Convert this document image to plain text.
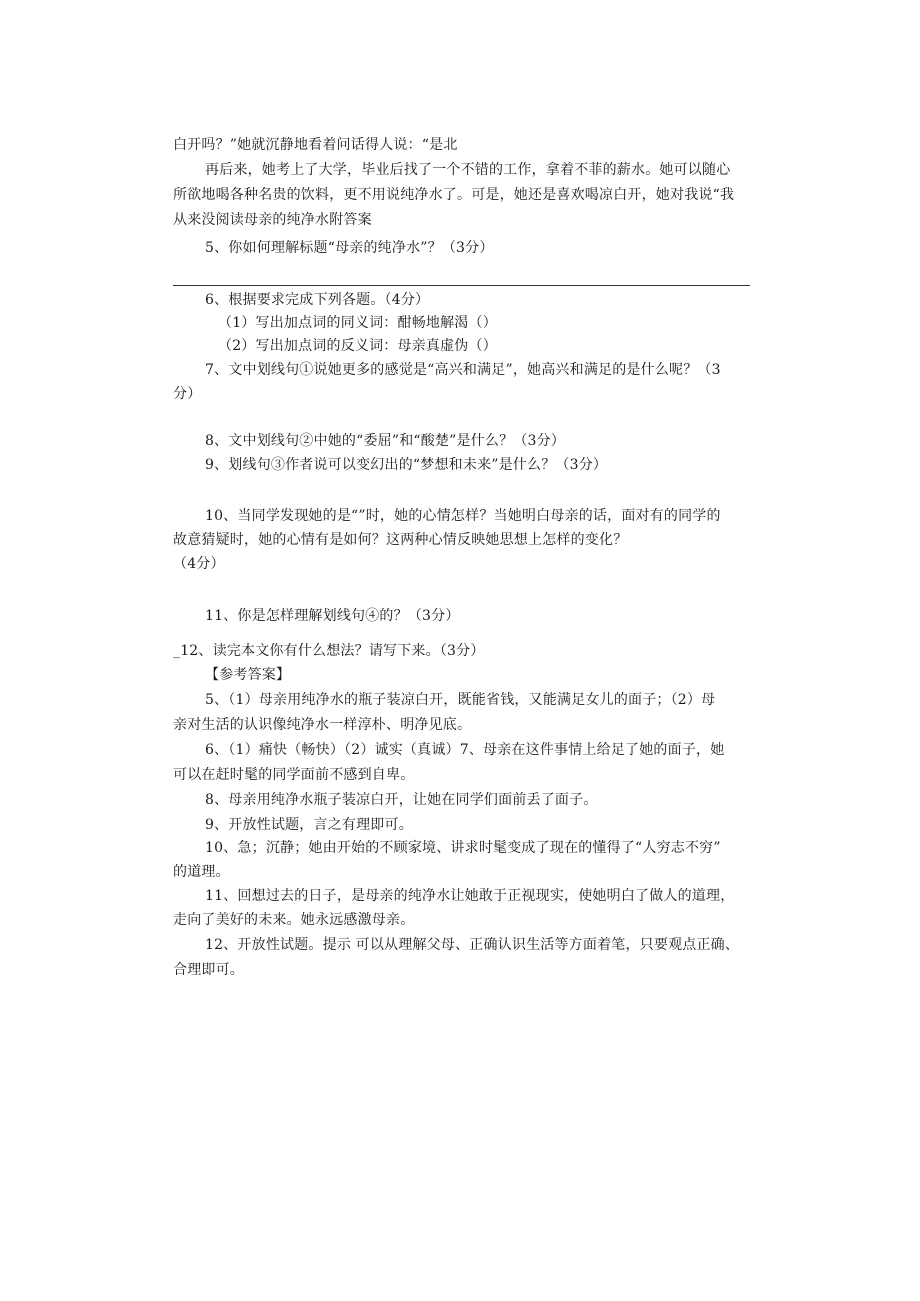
白开吗？”她就沉静地看着问话得人说：“是北
再后来，她考上了大学，毕业后找了一个不错的工作，拿着不菲的薪水。她可以随心
所欲地喝各种名贵的饮料，更不用说纯净水了。可是，她还是喜欢喝凉白开，她对我说“我
从来没阅读母亲的纯净水附答案
5、你如何理解标题“母亲的纯净水”？（3分）
6、根据要求完成下列各题。（4分）
（1）写出加点词的同义词：酣畅地解渴（）
（2）写出加点词的反义词：母亲真虚伪（）
7、文中划线句①说她更多的感觉是“高兴和满足”，她高兴和满足的是什么呢？（3
分）
8、文中划线句②中她的“委屈”和“酸楚”是什么？（3分）
9、划线句③作者说可以变幻出的“梦想和未来”是什么？（3分）
10、当同学发现她的是“”时，她的心情怎样？当她明白母亲的话，面对有的同学的
故意猜疑时，她的心情有是如何？这两种心情反映她思想上怎样的变化？
（4分）
11、你是怎样理解划线句④的？（3分）
_12、读完本文你有什么想法？请写下来。（3分）
【参考答案】
5、（1）母亲用纯净水的瓶子装凉白开，既能省钱，又能满足女儿的面子；（2）母
亲对生活的认识像纯净水一样淳朴、明净见底。
6、（1）痛快（畅快）（2）诚实（真诚）7、母亲在这件事情上给足了她的面子，她
可以在赶时髦的同学面前不感到自卑。
8、母亲用纯净水瓶子装凉白开，让她在同学们面前丢了面子。
9、开放性试题，言之有理即可。
10、急；沉静；她由开始的不顾家境、讲求时髦变成了现在的懂得了“人穷志不穷”
的道理。
11、回想过去的日子，是母亲的纯净水让她敢于正视现实，使她明白了做人的道理，
走向了美好的未来。她永远感激母亲。
12、开放性试题。提示 可以从理解父母、正确认识生活等方面着笔，只要观点正确、
合理即可。
